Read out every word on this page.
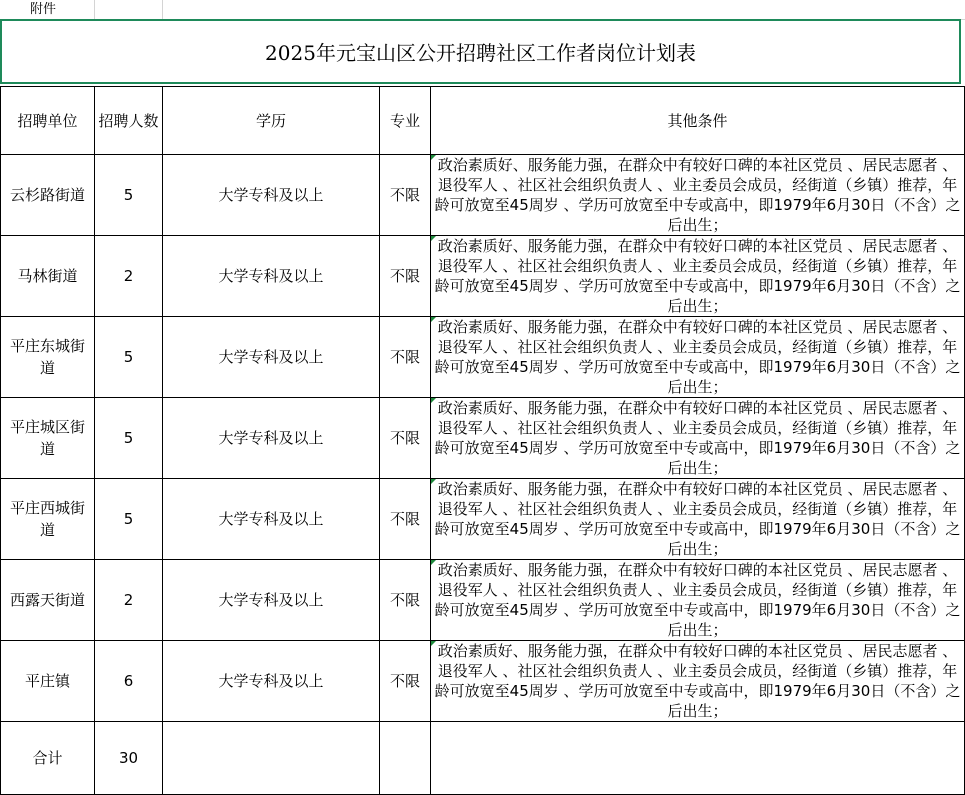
附件
2025年元宝山区公开招聘社区工作者岗位计划表
招聘单位	招聘人数	学历	专业	其他条件
云杉路街道	5	大学专科及以上	不限	政治素质好、服务能力强，在群众中有较好口碑的本社区党员 、居民志愿者 、退役军人 、社区社会组织负责人 、业主委员会成员，经街道（乡镇）推荐，年龄可放宽至45周岁 、学历可放宽至中专或高中，即1979年6月30日（不含）之后出生；
马林街道	2	大学专科及以上	不限	政治素质好、服务能力强，在群众中有较好口碑的本社区党员 、居民志愿者 、退役军人 、社区社会组织负责人 、业主委员会成员，经街道（乡镇）推荐，年龄可放宽至45周岁 、学历可放宽至中专或高中，即1979年6月30日（不含）之后出生；
平庄东城街道	5	大学专科及以上	不限	政治素质好、服务能力强，在群众中有较好口碑的本社区党员 、居民志愿者 、退役军人 、社区社会组织负责人 、业主委员会成员，经街道（乡镇）推荐，年龄可放宽至45周岁 、学历可放宽至中专或高中，即1979年6月30日（不含）之后出生；
平庄城区街道	5	大学专科及以上	不限	政治素质好、服务能力强，在群众中有较好口碑的本社区党员 、居民志愿者 、退役军人 、社区社会组织负责人 、业主委员会成员，经街道（乡镇）推荐，年龄可放宽至45周岁 、学历可放宽至中专或高中，即1979年6月30日（不含）之后出生；
平庄西城街道	5	大学专科及以上	不限	政治素质好、服务能力强，在群众中有较好口碑的本社区党员 、居民志愿者 、退役军人 、社区社会组织负责人 、业主委员会成员，经街道（乡镇）推荐，年龄可放宽至45周岁 、学历可放宽至中专或高中，即1979年6月30日（不含）之后出生；
西露天街道	2	大学专科及以上	不限	政治素质好、服务能力强，在群众中有较好口碑的本社区党员 、居民志愿者 、退役军人 、社区社会组织负责人 、业主委员会成员，经街道（乡镇）推荐，年龄可放宽至45周岁 、学历可放宽至中专或高中，即1979年6月30日（不含）之后出生；
平庄镇	6	大学专科及以上	不限	政治素质好、服务能力强，在群众中有较好口碑的本社区党员 、居民志愿者 、退役军人 、社区社会组织负责人 、业主委员会成员，经街道（乡镇）推荐，年龄可放宽至45周岁 、学历可放宽至中专或高中，即1979年6月30日（不含）之后出生；
合计	30			
